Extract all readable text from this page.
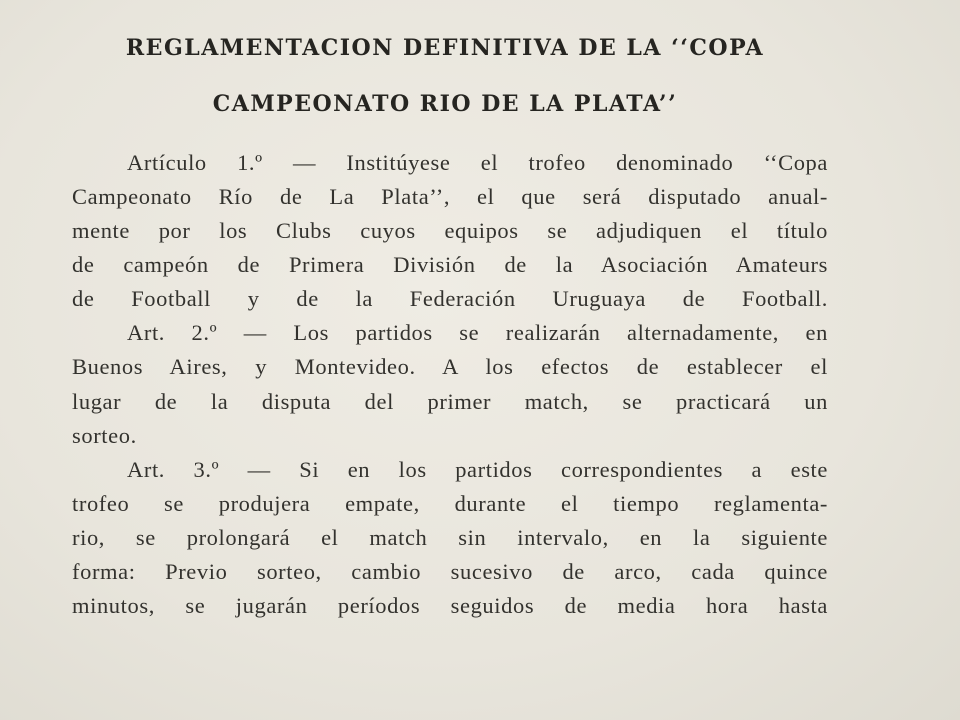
REGLAMENTACION DEFINITIVA DE LA ‘‘COPA
CAMPEONATO RIO DE LA PLATA’’
Artículo 1.º — Institúyese el trofeo denominado ‘‘Copa
Campeonato Río de La Plata’’, el que será disputado anual-
mente por los Clubs cuyos equipos se adjudiquen el título
de campeón de Primera División de la Asociación Amateurs
de Football y de la Federación Uruguaya de Football.
Art. 2.º — Los partidos se realizarán alternadamente, en
Buenos Aires, y Montevideo. A los efectos de establecer el
lugar de la disputa del primer match, se practicará un
sorteo.
Art. 3.º — Si en los partidos correspondientes a este
trofeo se produjera empate, durante el tiempo reglamenta-
rio, se prolongará el match sin intervalo, en la siguiente
forma: Previo sorteo, cambio sucesivo de arco, cada quince
minutos, se jugarán períodos seguidos de media hora hasta
